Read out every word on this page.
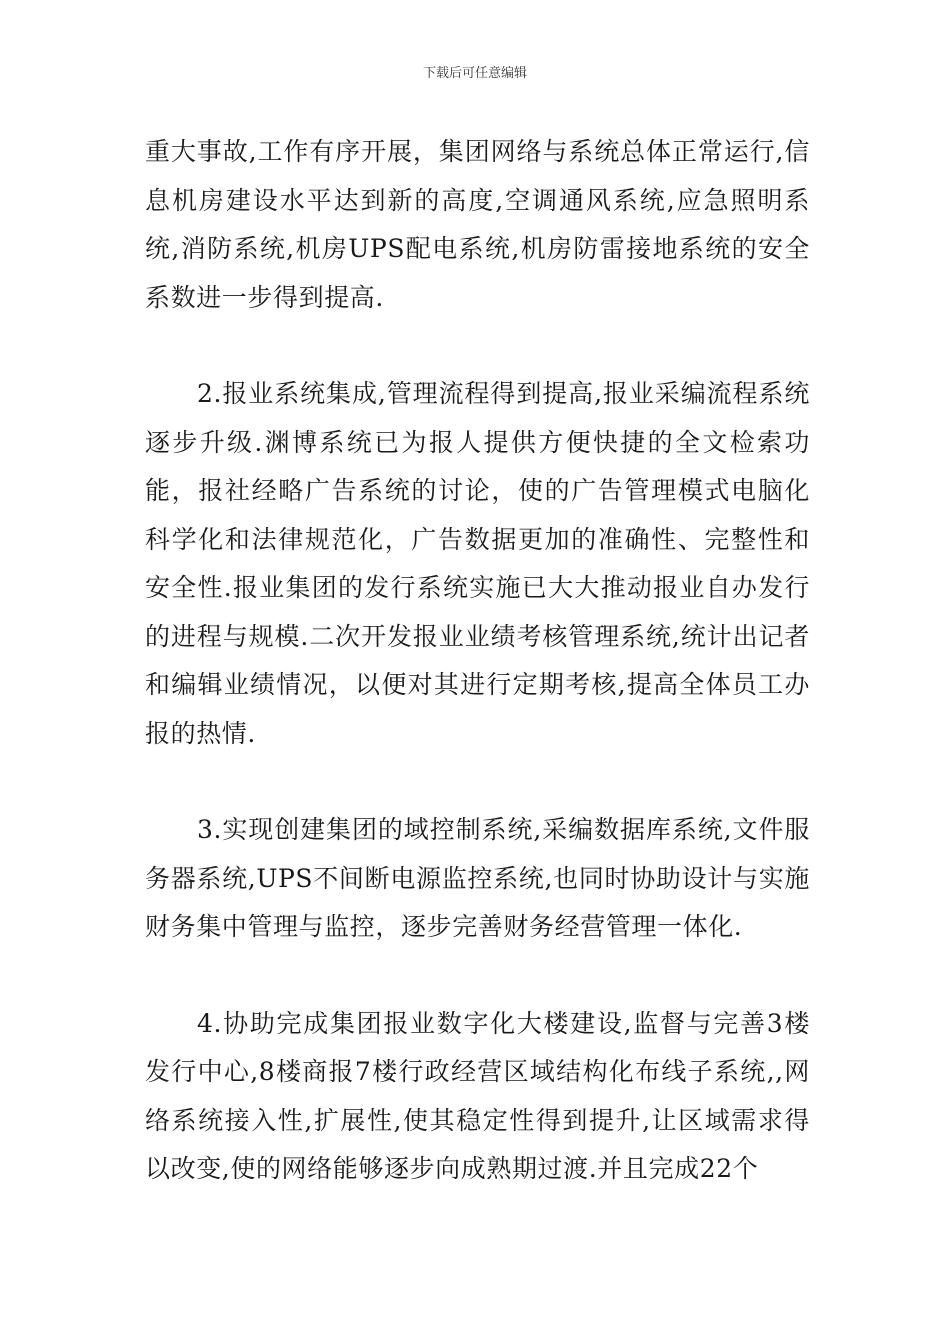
下载后可任意编辑

重大事故,工作有序开展，集团网络与系统总体正常运行,信息机房建设水平达到新的高度,空调通风系统,应急照明系统,消防系统,机房UPS配电系统,机房防雷接地系统的安全系数进一步得到提高.

2.报业系统集成,管理流程得到提高,报业采编流程系统逐步升级.渊博系统已为报人提供方便快捷的全文检索功能，报社经略广告系统的讨论，使的广告管理模式电脑化科学化和法律规范化，广告数据更加的准确性、完整性和安全性.报业集团的发行系统实施已大大推动报业自办发行的进程与规模.二次开发报业业绩考核管理系统,统计出记者和编辑业绩情况，以便对其进行定期考核,提高全体员工办报的热情.

3.实现创建集团的域控制系统,采编数据库系统,文件服务器系统,UPS不间断电源监控系统,也同时协助设计与实施财务集中管理与监控，逐步完善财务经营管理一体化.

4.协助完成集团报业数字化大楼建设,监督与完善3楼发行中心,8楼商报7楼行政经营区域结构化布线子系统,,网络系统接入性,扩展性,使其稳定性得到提升,让区域需求得以改变,使的网络能够逐步向成熟期过渡.并且完成22个
